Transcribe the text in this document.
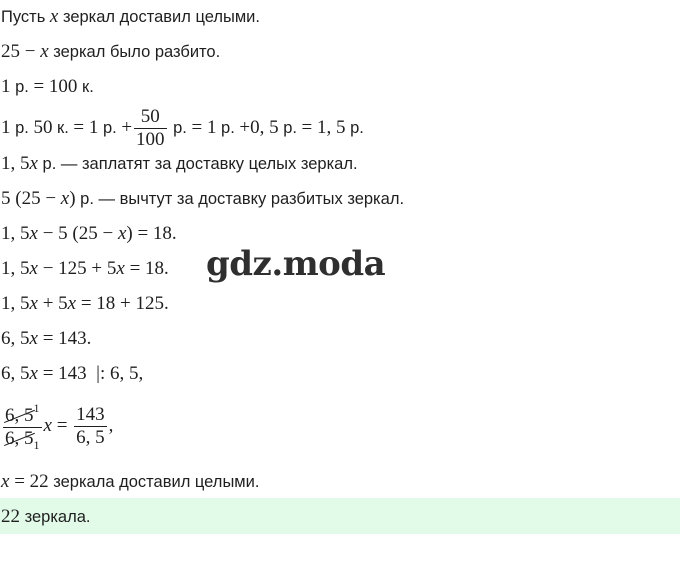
Пусть x зеркал доставил целыми.
25 − x зеркал было разбито.
1 р. = 100 к.
1 р. 50 к. = 1 р. + $\frac{50}{100} р$. = 1 р. +0, 5 р. = 1, 5 р.
1, 5x р. — заплатят за доставку целых зеркал.
5 (25 − x) р. — вычтут за доставку разбитых зеркал.
1, 5x − 5 (25 − x) = 18.
1, 5x − 125 + 5x = 18. gdz.moda
1, 5x + 5x = 18 + 125.
6, 5x = 143.
6, 5x = 143  |: 6, 5,
$\frac{6, 5^1}{6, 5_1}$ $x = \frac{143}{6, 5}$ ,
x = 22 зеркала доставил целыми.
22 зеркала.
